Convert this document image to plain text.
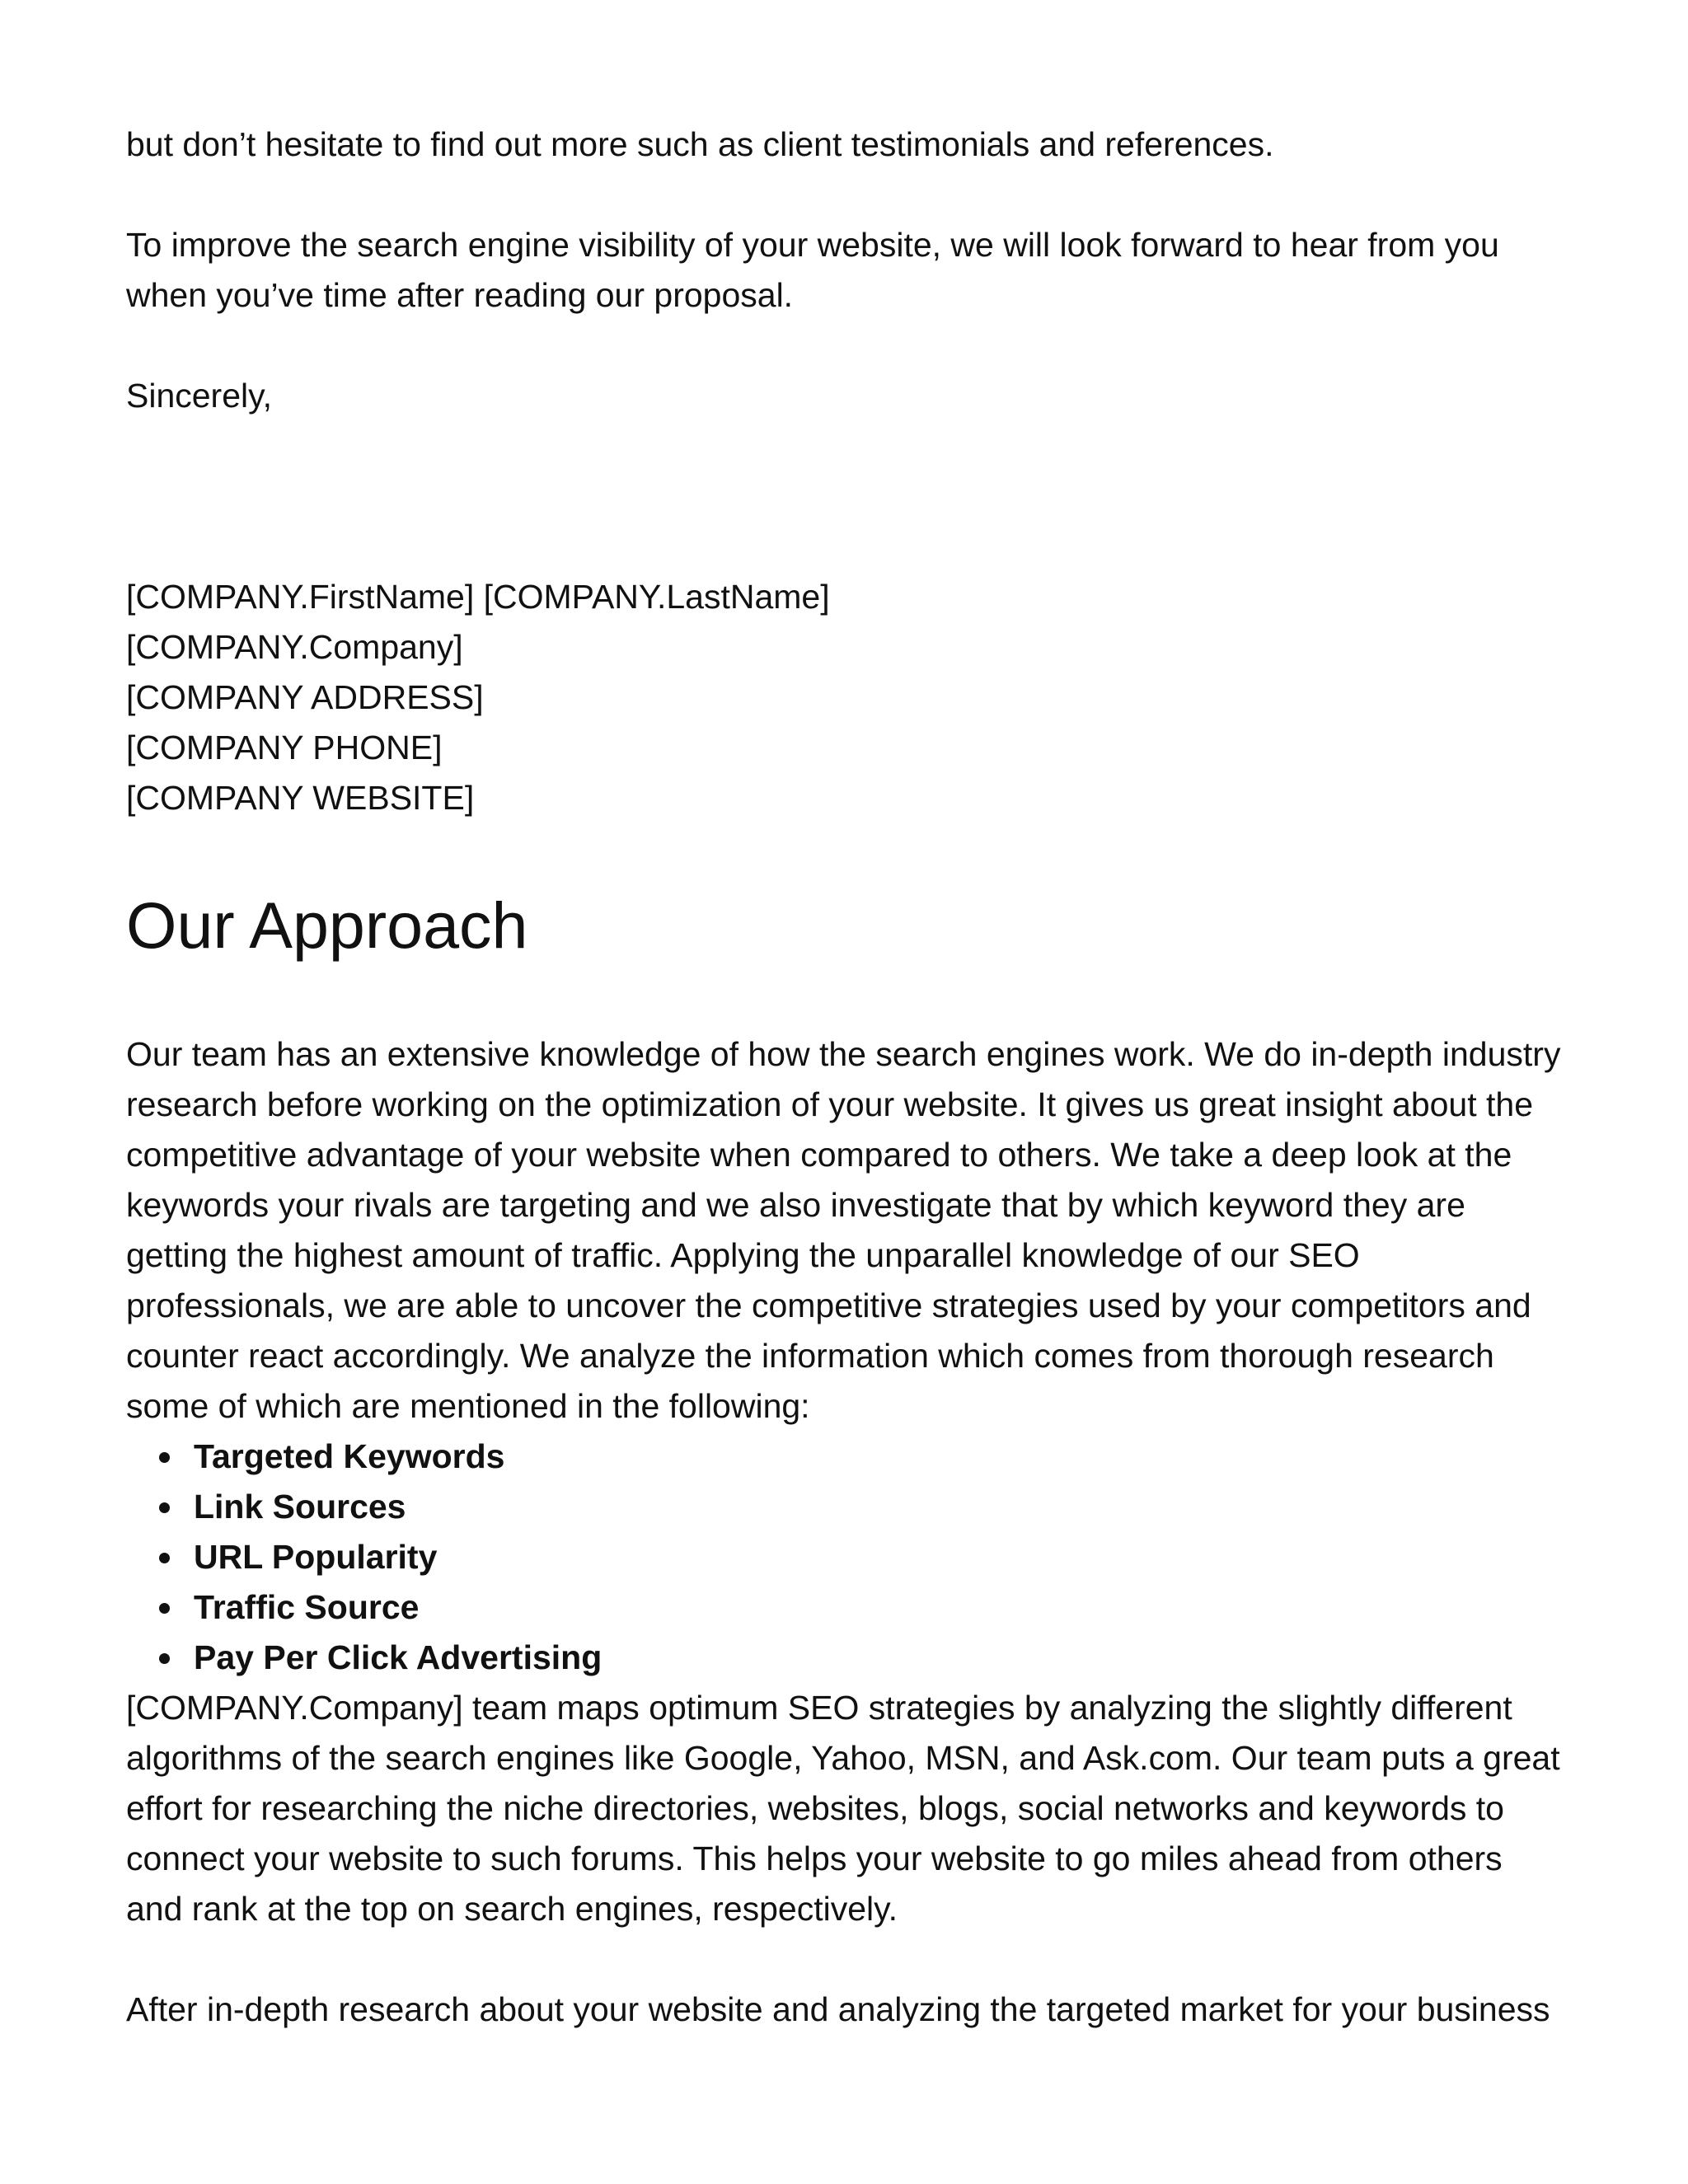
but don’t hesitate to find out more such as client testimonials and references.

To improve the search engine visibility of your website, we will look forward to hear from you

when you’ve time after reading our proposal.

Sincerely,

[COMPANY.FirstName] [COMPANY.LastName]

[COMPANY.Company]

[COMPANY ADDRESS]

[COMPANY PHONE]

[COMPANY WEBSITE]

Our Approach

Our team has an extensive knowledge of how the search engines work. We do in-depth industry

research before working on the optimization of your website. It gives us great insight about the

competitive advantage of your website when compared to others. We take a deep look at the

keywords your rivals are targeting and we also investigate that by which keyword they are

getting the highest amount of traffic. Applying the unparallel knowledge of our SEO

professionals, we are able to uncover the competitive strategies used by your competitors and

counter react accordingly. We analyze the information which comes from thorough research

some of which are mentioned in the following:

Targeted Keywords
Link Sources
URL Popularity
Traffic Source
Pay Per Click Advertising

[COMPANY.Company] team maps optimum SEO strategies by analyzing the slightly different

algorithms of the search engines like Google, Yahoo, MSN, and Ask.com. Our team puts a great

effort for researching the niche directories, websites, blogs, social networks and keywords to

connect your website to such forums. This helps your website to go miles ahead from others

and rank at the top on search engines, respectively.

After in-depth research about your website and analyzing the targeted market for your business
